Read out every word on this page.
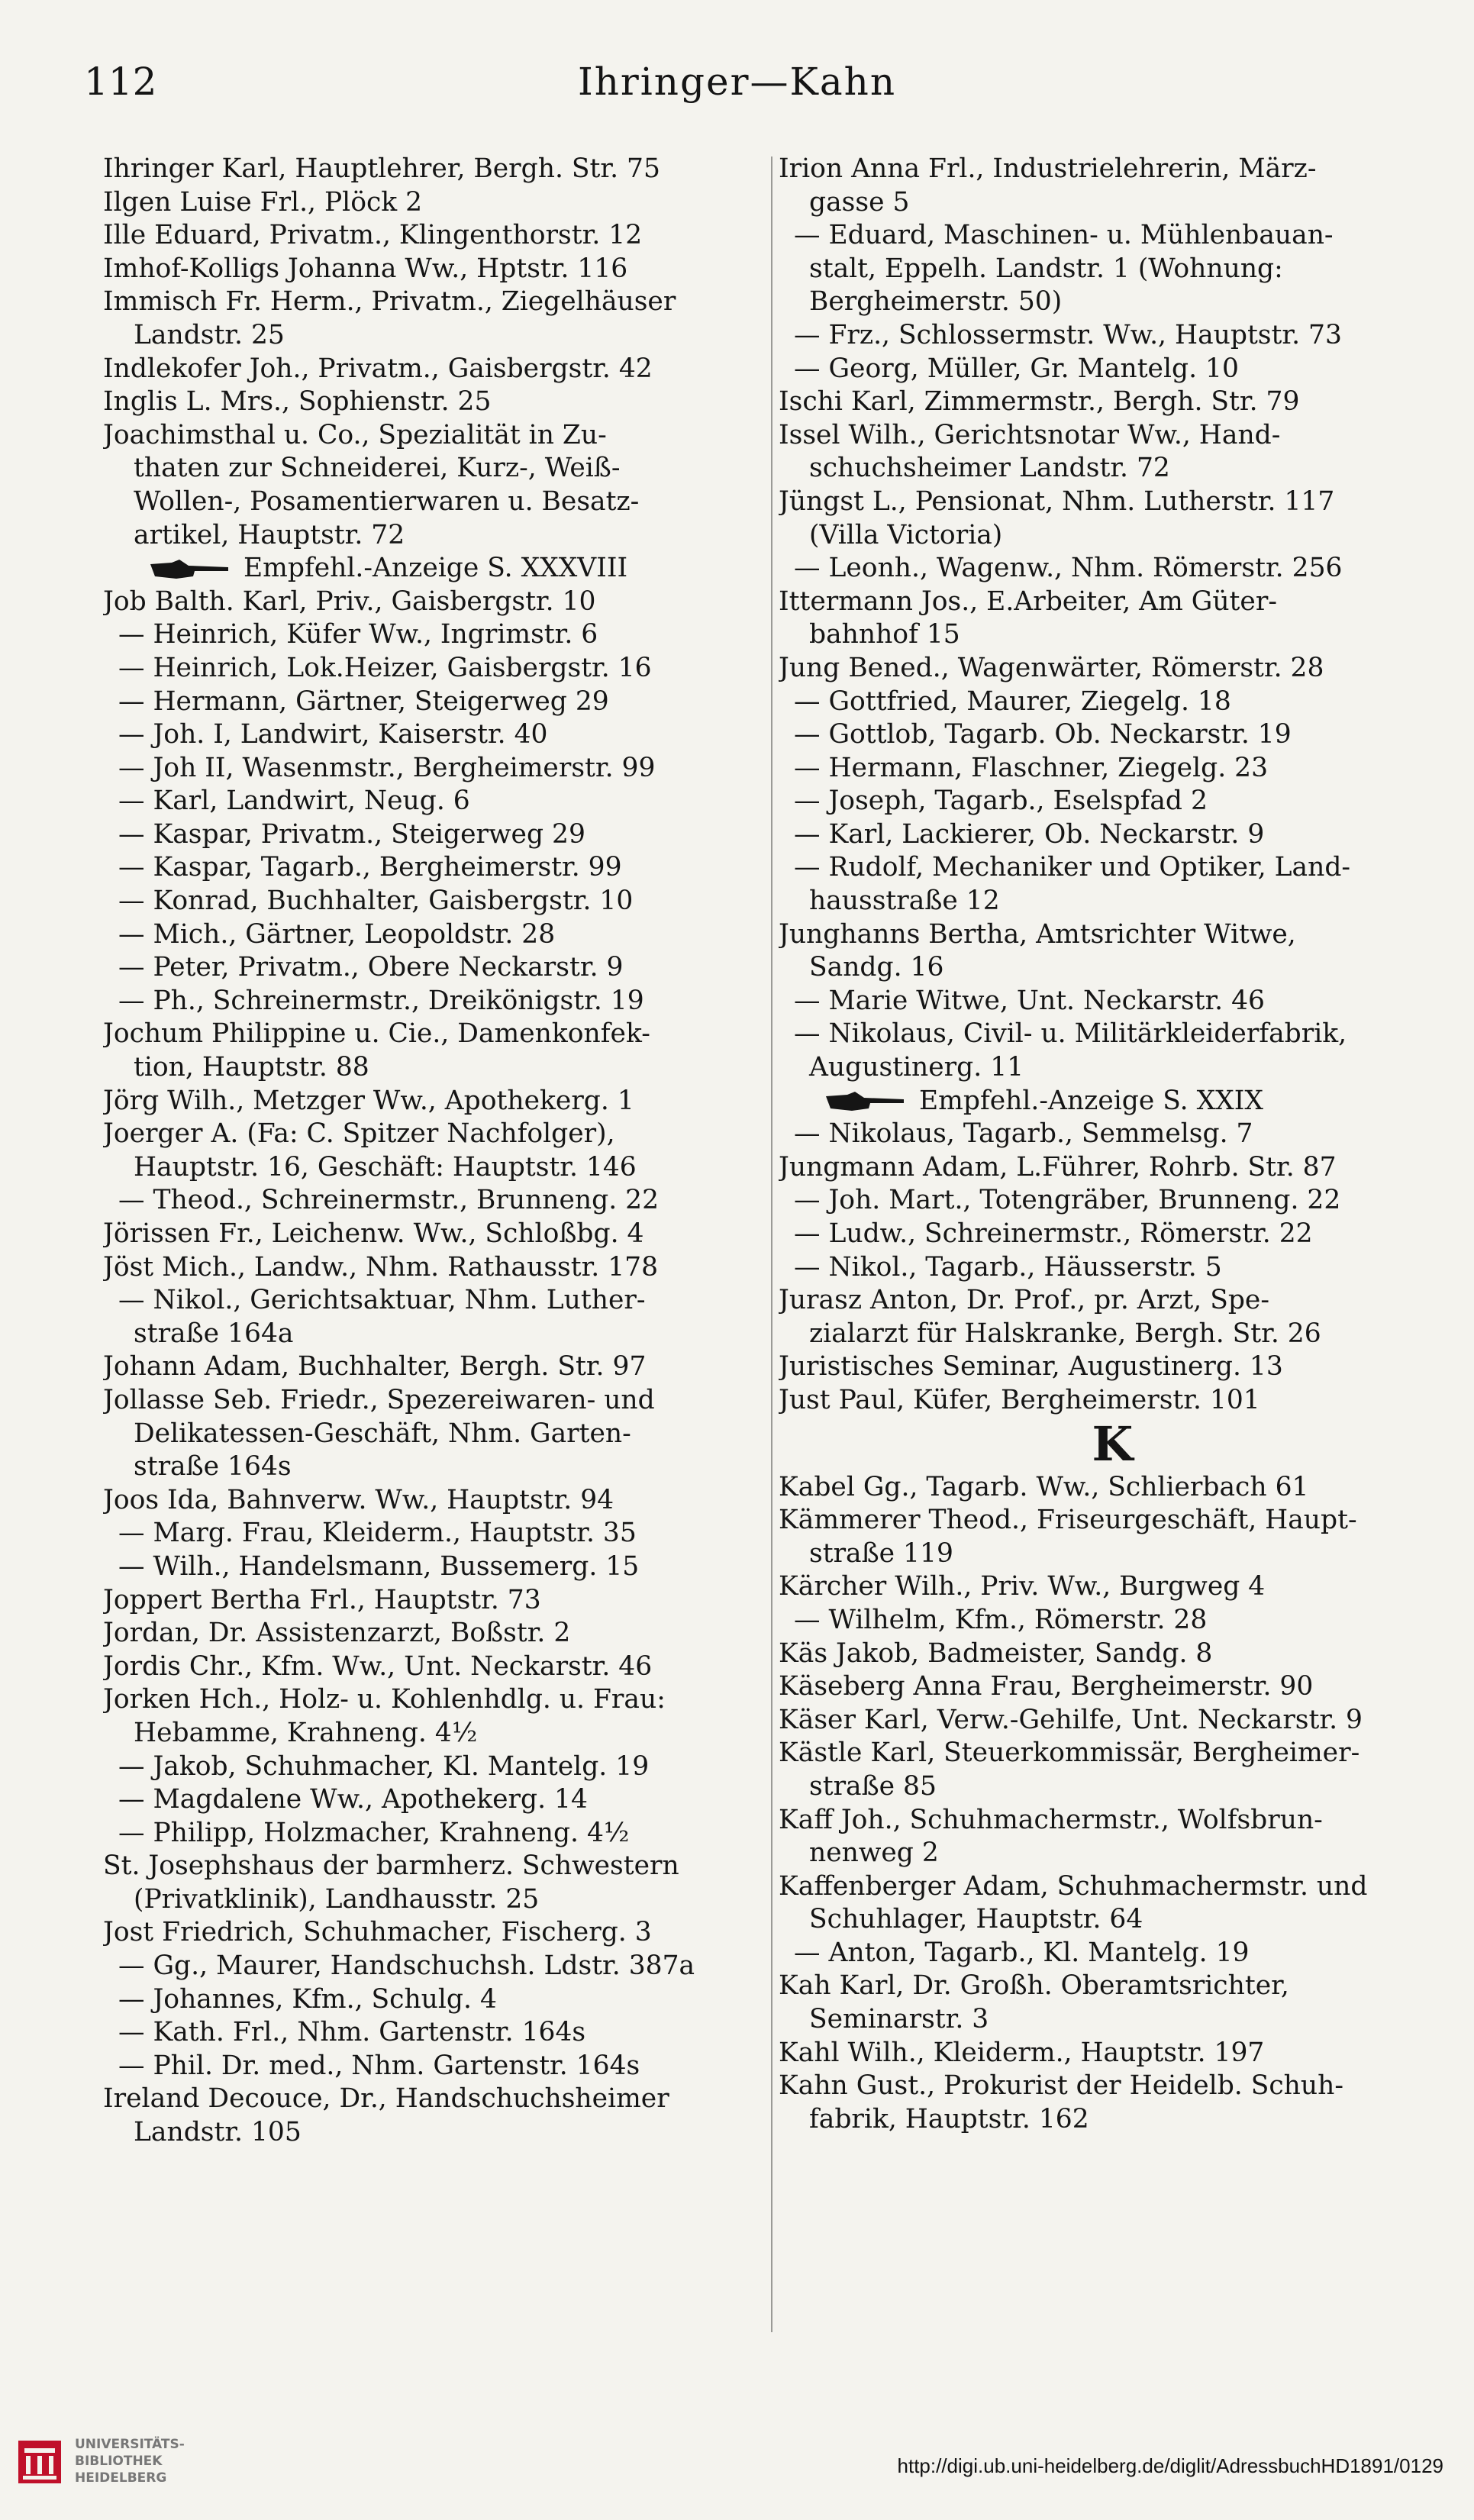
112	Ihringer—Kahn
Ihringer Karl, Hauptlehrer, Bergh. Str. 75
Ilgen Luise Frl., Plöck 2
Ille Eduard, Privatm., Klingenthorstr. 12
Imhof-Kolligs Johanna Ww., Hptstr. 116
Immisch Fr. Herm., Privatm., Ziegelhäuser
Landstr. 25
Indlekofer Joh., Privatm., Gaisbergstr. 42
Inglis L. Mrs., Sophienstr. 25
Joachimsthal u. Co., Spezialität in Zu-
thaten zur Schneiderei, Kurz-, Weiß-
Wollen-, Posamentierwaren u. Besatz-
artikel, Hauptstr. 72
Empfehl.-Anzeige S. XXXVIII
Job Balth. Karl, Priv., Gaisbergstr. 10
— Heinrich, Küfer Ww., Ingrimstr. 6
— Heinrich, Lok.Heizer, Gaisbergstr. 16
— Hermann, Gärtner, Steigerweg 29
— Joh. I, Landwirt, Kaiserstr. 40
— Joh II, Wasenmstr., Bergheimerstr. 99
— Karl, Landwirt, Neug. 6
— Kaspar, Privatm., Steigerweg 29
— Kaspar, Tagarb., Bergheimerstr. 99
— Konrad, Buchhalter, Gaisbergstr. 10
— Mich., Gärtner, Leopoldstr. 28
— Peter, Privatm., Obere Neckarstr. 9
— Ph., Schreinermstr., Dreikönigstr. 19
Jochum Philippine u. Cie., Damenkonfek-
tion, Hauptstr. 88
Jörg Wilh., Metzger Ww., Apothekerg. 1
Joerger A. (Fa: C. Spitzer Nachfolger),
Hauptstr. 16, Geschäft: Hauptstr. 146
— Theod., Schreinermstr., Brunneng. 22
Jörissen Fr., Leichenw. Ww., Schloßbg. 4
Jöst Mich., Landw., Nhm. Rathausstr. 178
— Nikol., Gerichtsaktuar, Nhm. Luther-
straße 164a
Johann Adam, Buchhalter, Bergh. Str. 97
Jollasse Seb. Friedr., Spezereiwaren- und
Delikatessen-Geschäft, Nhm. Garten-
straße 164s
Joos Ida, Bahnverw. Ww., Hauptstr. 94
— Marg. Frau, Kleiderm., Hauptstr. 35
— Wilh., Handelsmann, Bussemerg. 15
Joppert Bertha Frl., Hauptstr. 73
Jordan, Dr. Assistenzarzt, Boßstr. 2
Jordis Chr., Kfm. Ww., Unt. Neckarstr. 46
Jorken Hch., Holz- u. Kohlenhdlg. u. Frau:
Hebamme, Krahneng. 4½
— Jakob, Schuhmacher, Kl. Mantelg. 19
— Magdalene Ww., Apothekerg. 14
— Philipp, Holzmacher, Krahneng. 4½
St. Josephshaus der barmherz. Schwestern
(Privatklinik), Landhausstr. 25
Jost Friedrich, Schuhmacher, Fischerg. 3
— Gg., Maurer, Handschuchsh. Ldstr. 387a
— Johannes, Kfm., Schulg. 4
— Kath. Frl., Nhm. Gartenstr. 164s
— Phil. Dr. med., Nhm. Gartenstr. 164s
Ireland Decouce, Dr., Handschuchsheimer
Landstr. 105
Irion Anna Frl., Industrielehrerin, März-
gasse 5
— Eduard, Maschinen- u. Mühlenbauan-
stalt, Eppelh. Landstr. 1 (Wohnung:
Bergheimerstr. 50)
— Frz., Schlossermstr. Ww., Hauptstr. 73
— Georg, Müller, Gr. Mantelg. 10
Ischi Karl, Zimmermstr., Bergh. Str. 79
Issel Wilh., Gerichtsnotar Ww., Hand-
schuchsheimer Landstr. 72
Jüngst L., Pensionat, Nhm. Lutherstr. 117
(Villa Victoria)
— Leonh., Wagenw., Nhm. Römerstr. 256
Ittermann Jos., E.Arbeiter, Am Güter-
bahnhof 15
Jung Bened., Wagenwärter, Römerstr. 28
— Gottfried, Maurer, Ziegelg. 18
— Gottlob, Tagarb. Ob. Neckarstr. 19
— Hermann, Flaschner, Ziegelg. 23
— Joseph, Tagarb., Eselspfad 2
— Karl, Lackierer, Ob. Neckarstr. 9
— Rudolf, Mechaniker und Optiker, Land-
hausstraße 12
Junghanns Bertha, Amtsrichter Witwe,
Sandg. 16
— Marie Witwe, Unt. Neckarstr. 46
— Nikolaus, Civil- u. Militärkleiderfabrik,
Augustinerg. 11
Empfehl.-Anzeige S. XXIX
— Nikolaus, Tagarb., Semmelsg. 7
Jungmann Adam, L.Führer, Rohrb. Str. 87
— Joh. Mart., Totengräber, Brunneng. 22
— Ludw., Schreinermstr., Römerstr. 22
— Nikol., Tagarb., Häusserstr. 5
Jurasz Anton, Dr. Prof., pr. Arzt, Spe-
zialarzt für Halskranke, Bergh. Str. 26
Juristisches Seminar, Augustinerg. 13
Just Paul, Küfer, Bergheimerstr. 101
K
Kabel Gg., Tagarb. Ww., Schlierbach 61
Kämmerer Theod., Friseurgeschäft, Haupt-
straße 119
Kärcher Wilh., Priv. Ww., Burgweg 4
— Wilhelm, Kfm., Römerstr. 28
Käs Jakob, Badmeister, Sandg. 8
Käseberg Anna Frau, Bergheimerstr. 90
Käser Karl, Verw.-Gehilfe, Unt. Neckarstr. 9
Kästle Karl, Steuerkommissär, Bergheimer-
straße 85
Kaff Joh., Schuhmachermstr., Wolfsbrun-
nenweg 2
Kaffenberger Adam, Schuhmachermstr. und
Schuhlager, Hauptstr. 64
— Anton, Tagarb., Kl. Mantelg. 19
Kah Karl, Dr. Großh. Oberamtsrichter,
Seminarstr. 3
Kahl Wilh., Kleiderm., Hauptstr. 197
Kahn Gust., Prokurist der Heidelb. Schuh-
fabrik, Hauptstr. 162
UNIVERSITÄTS-
BIBLIOTHEK
HEIDELBERG
http://digi.ub.uni-heidelberg.de/diglit/AdressbuchHD1891/0129
